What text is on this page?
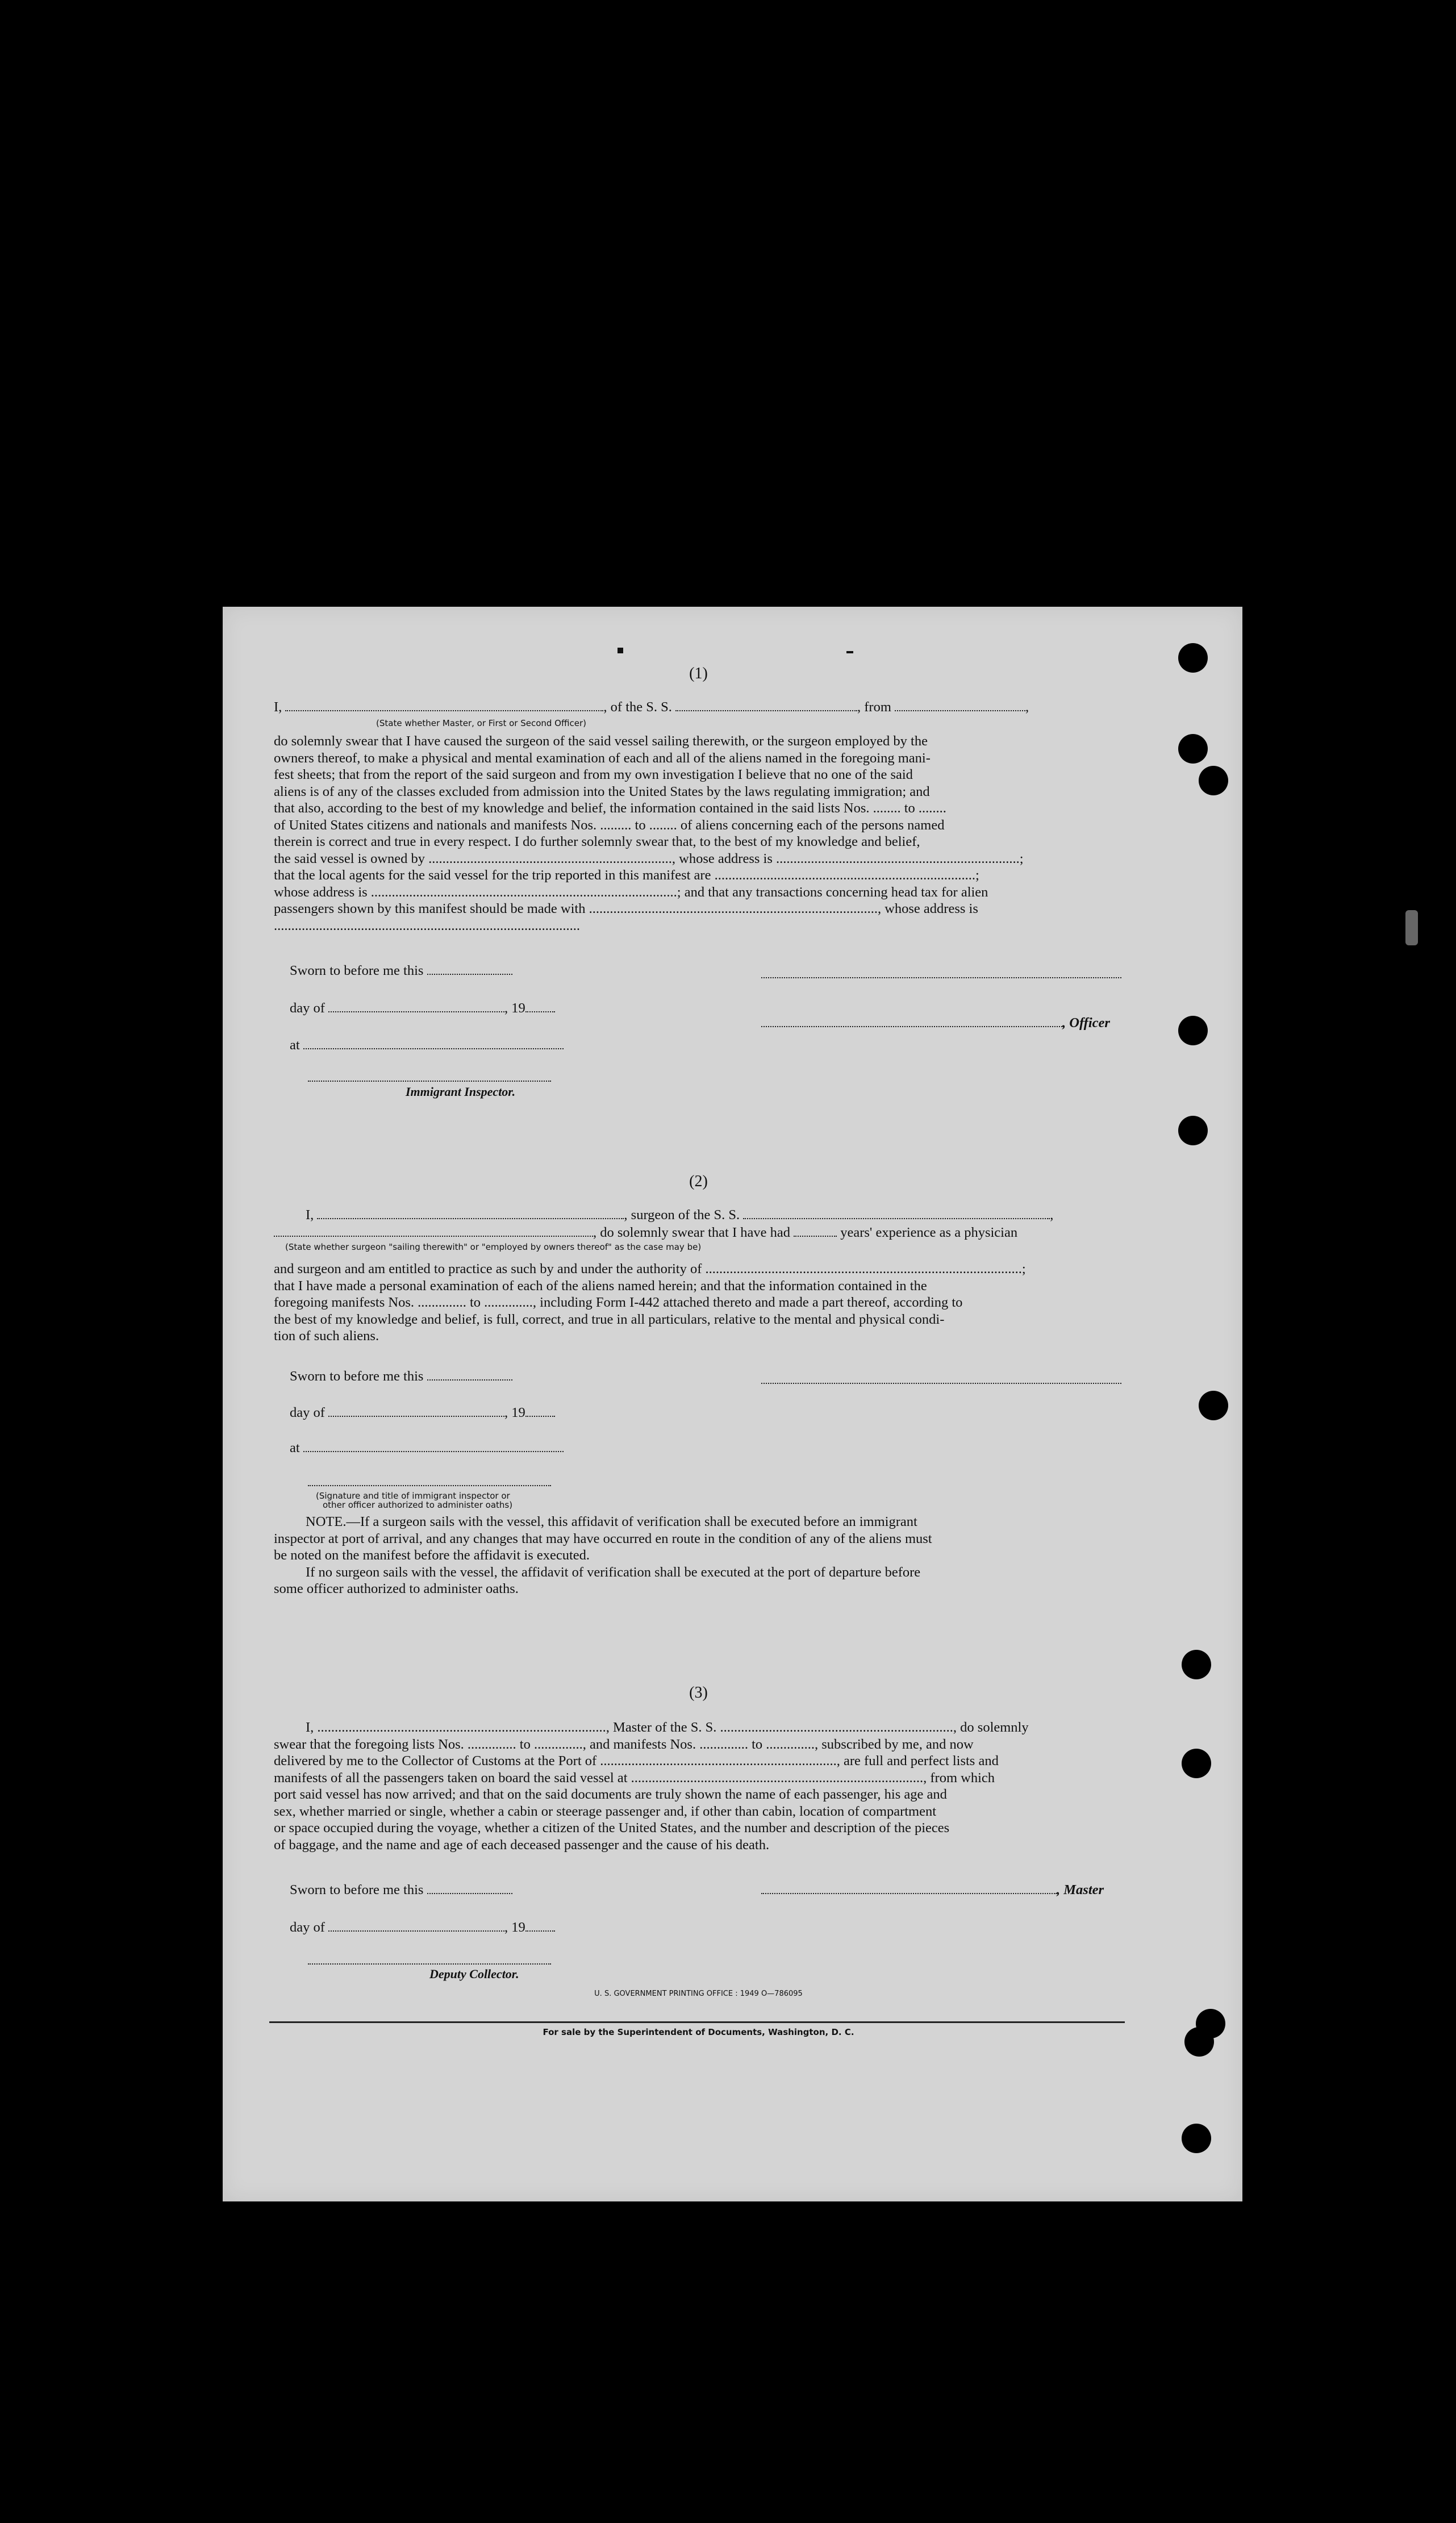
(1)
I,	, of the S. S.	, from	,
(State whether Master, or First or Second Officer)
do solemnly swear that I have caused the surgeon of the said vessel sailing therewith, or the surgeon employed by the
owners thereof, to make a physical and mental examination of each and all of the aliens named in the foregoing mani-
fest sheets; that from the report of the said surgeon and from my own investigation I believe that no one of the said
aliens is of any of the classes excluded from admission into the United States by the laws regulating immigration; and
that also, according to the best of my knowledge and belief, the information contained in the said lists Nos. ........ to ........
of United States citizens and nationals and manifests Nos. ......... to ........ of aliens concerning each of the persons named
therein is correct and true in every respect. I do further solemnly swear that, to the best of my knowledge and belief,
the said vessel is owned by ......................................................................, whose address is ......................................................................;
that the local agents for the said vessel for the trip reported in this manifest are ...........................................................................;
whose address is ........................................................................................; and that any transactions concerning head tax for alien
passengers shown by this manifest should be made with ..................................................................................., whose address is
........................................................................................
Sworn to before me this
day of	, 19
, Officer
at
Immigrant Inspector.
(2)
I,	, surgeon of the S. S.	,
, do solemnly swear that I have had	years' experience as a physician
(State whether surgeon "sailing therewith" or "employed by owners thereof" as the case may be)
and surgeon and am entitled to practice as such by and under the authority of ...........................................................................................;
that I have made a personal examination of each of the aliens named herein; and that the information contained in the
foregoing manifests Nos. .............. to .............., including Form I-442 attached thereto and made a part thereof, according to
the best of my knowledge and belief, is full, correct, and true in all particulars, relative to the mental and physical condi-
tion of such aliens.
Sworn to before me this
day of	, 19
at
(Signature and title of immigrant inspector or
other officer authorized to administer oaths)
NOTE.—If a surgeon sails with the vessel, this affidavit of verification shall be executed before an immigrant
inspector at port of arrival, and any changes that may have occurred en route in the condition of any of the aliens must
be noted on the manifest before the affidavit is executed.
If no surgeon sails with the vessel, the affidavit of verification shall be executed at the port of departure before
some officer authorized to administer oaths.
(3)
I, ..................................................................................., Master of the S. S. ..................................................................., do solemnly
swear that the foregoing lists Nos. .............. to .............., and manifests Nos. .............. to .............., subscribed by me, and now
delivered by me to the Collector of Customs at the Port of ...................................................................., are full and perfect lists and
manifests of all the passengers taken on board the said vessel at ...................................................................................., from which
port said vessel has now arrived; and that on the said documents are truly shown the name of each passenger, his age and
sex, whether married or single, whether a cabin or steerage passenger and, if other than cabin, location of compartment
or space occupied during the voyage, whether a citizen of the United States, and the number and description of the pieces
of baggage, and the name and age of each deceased passenger and the cause of his death.
Sworn to before me this	, Master
day of	, 19
Deputy Collector.
U. S. GOVERNMENT PRINTING OFFICE : 1949 O—786095
For sale by the Superintendent of Documents, Washington, D. C.
